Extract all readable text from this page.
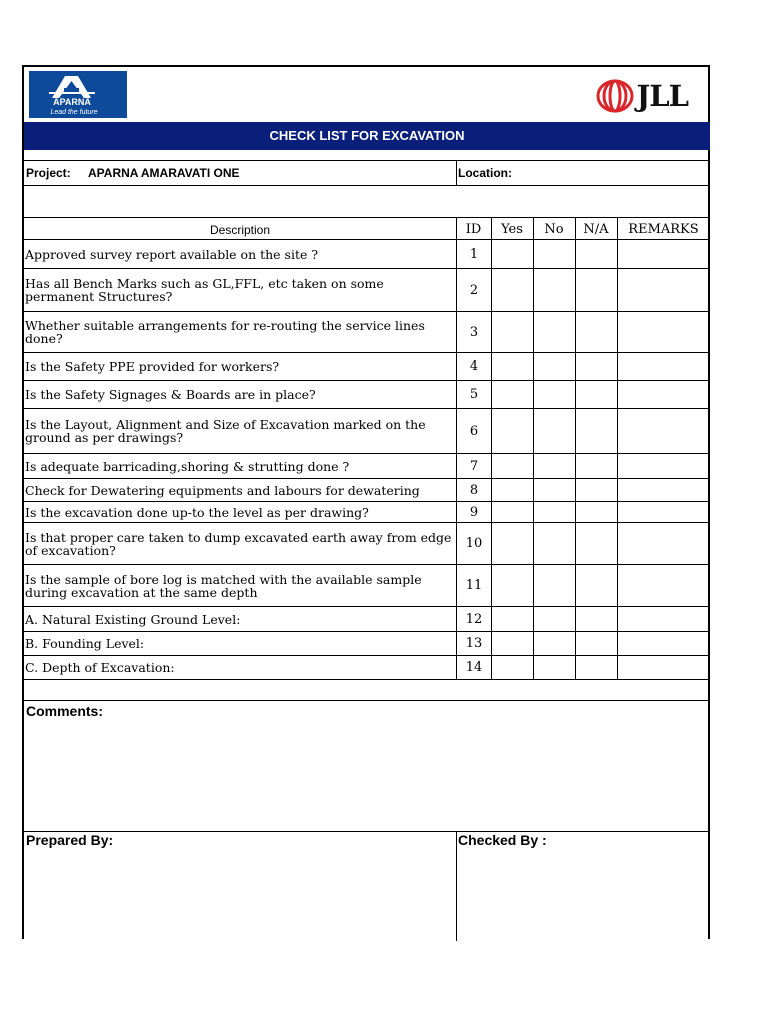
APARNA
Lead the future	JLL
CHECK LIST FOR EXCAVATION
Project: APARNA AMARAVATI ONE	Location:
Description	ID	Yes	No	N/A	REMARKS
Approved survey report available on the site ?	1
Has all Bench Marks such as GL,FFL, etc taken on some permanent Structures?	2
Whether suitable arrangements for re-routing the service lines done?	3
Is the Safety PPE provided for workers?	4
Is the Safety Signages & Boards are in place?	5
Is the Layout, Alignment and Size of Excavation marked on the ground as per drawings?	6
Is adequate barricading,shoring & strutting done ?	7
Check for Dewatering equipments and labours for dewatering	8
Is the excavation done up-to the level as per drawing?	9
Is that proper care taken to dump excavated earth away from edge of excavation?	10
Is the sample of bore log is matched with the available sample during excavation at the same depth	11
A. Natural Existing Ground Level:	12
B. Founding Level:	13
C. Depth of Excavation:	14
Comments:
Prepared By:	Checked By :
